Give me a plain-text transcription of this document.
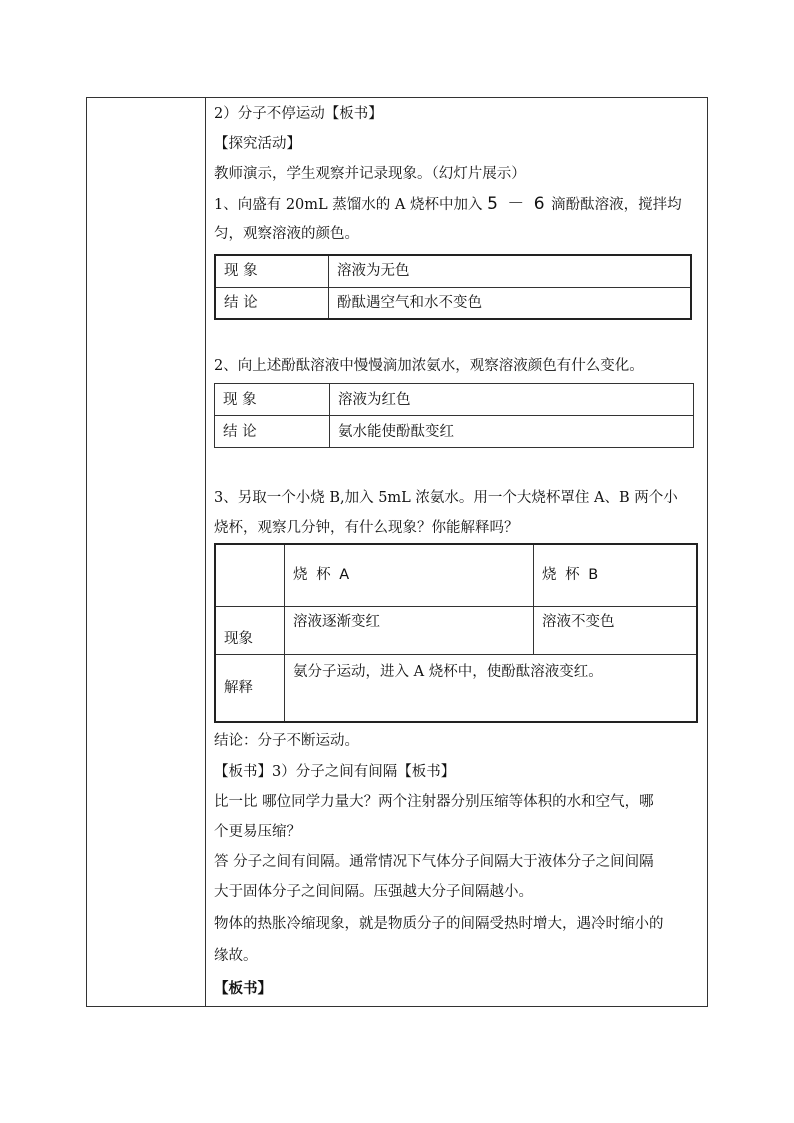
2）分子不停运动【板书】
【探究活动】
教师演示，学生观察并记录现象。（幻灯片展示）
1、向盛有 20mL 蒸馏水的 A 烧杯中加入 5 － 6 滴酚酞溶液，搅拌均
匀，观察溶液的颜色。
现 象	溶液为无色
结 论	酚酞遇空气和水不变色
2、向上述酚酞溶液中慢慢滴加浓氨水，观察溶液颜色有什么变化。
现 象	溶液为红色
结 论	氨水能使酚酞变红
3、另取一个小烧 B,加入 5mL 浓氨水。用一个大烧杯罩住 A、B 两个小
烧杯，观察几分钟，有什么现象？你能解释吗？
	烧 杯 A	烧 杯 B
现象	溶液逐渐变红	溶液不变色
解释	氨分子运动，进入 A 烧杯中，使酚酞溶液变红。	
结论：分子不断运动。
【板书】3）分子之间有间隔【板书】
比一比 哪位同学力量大？两个注射器分别压缩等体积的水和空气，哪
个更易压缩？
答 分子之间有间隔。通常情况下气体分子间隔大于液体分子之间间隔
大于固体分子之间间隔。压强越大分子间隔越小。
物体的热胀冷缩现象，就是物质分子的间隔受热时增大，遇冷时缩小的
缘故。
【板书】
